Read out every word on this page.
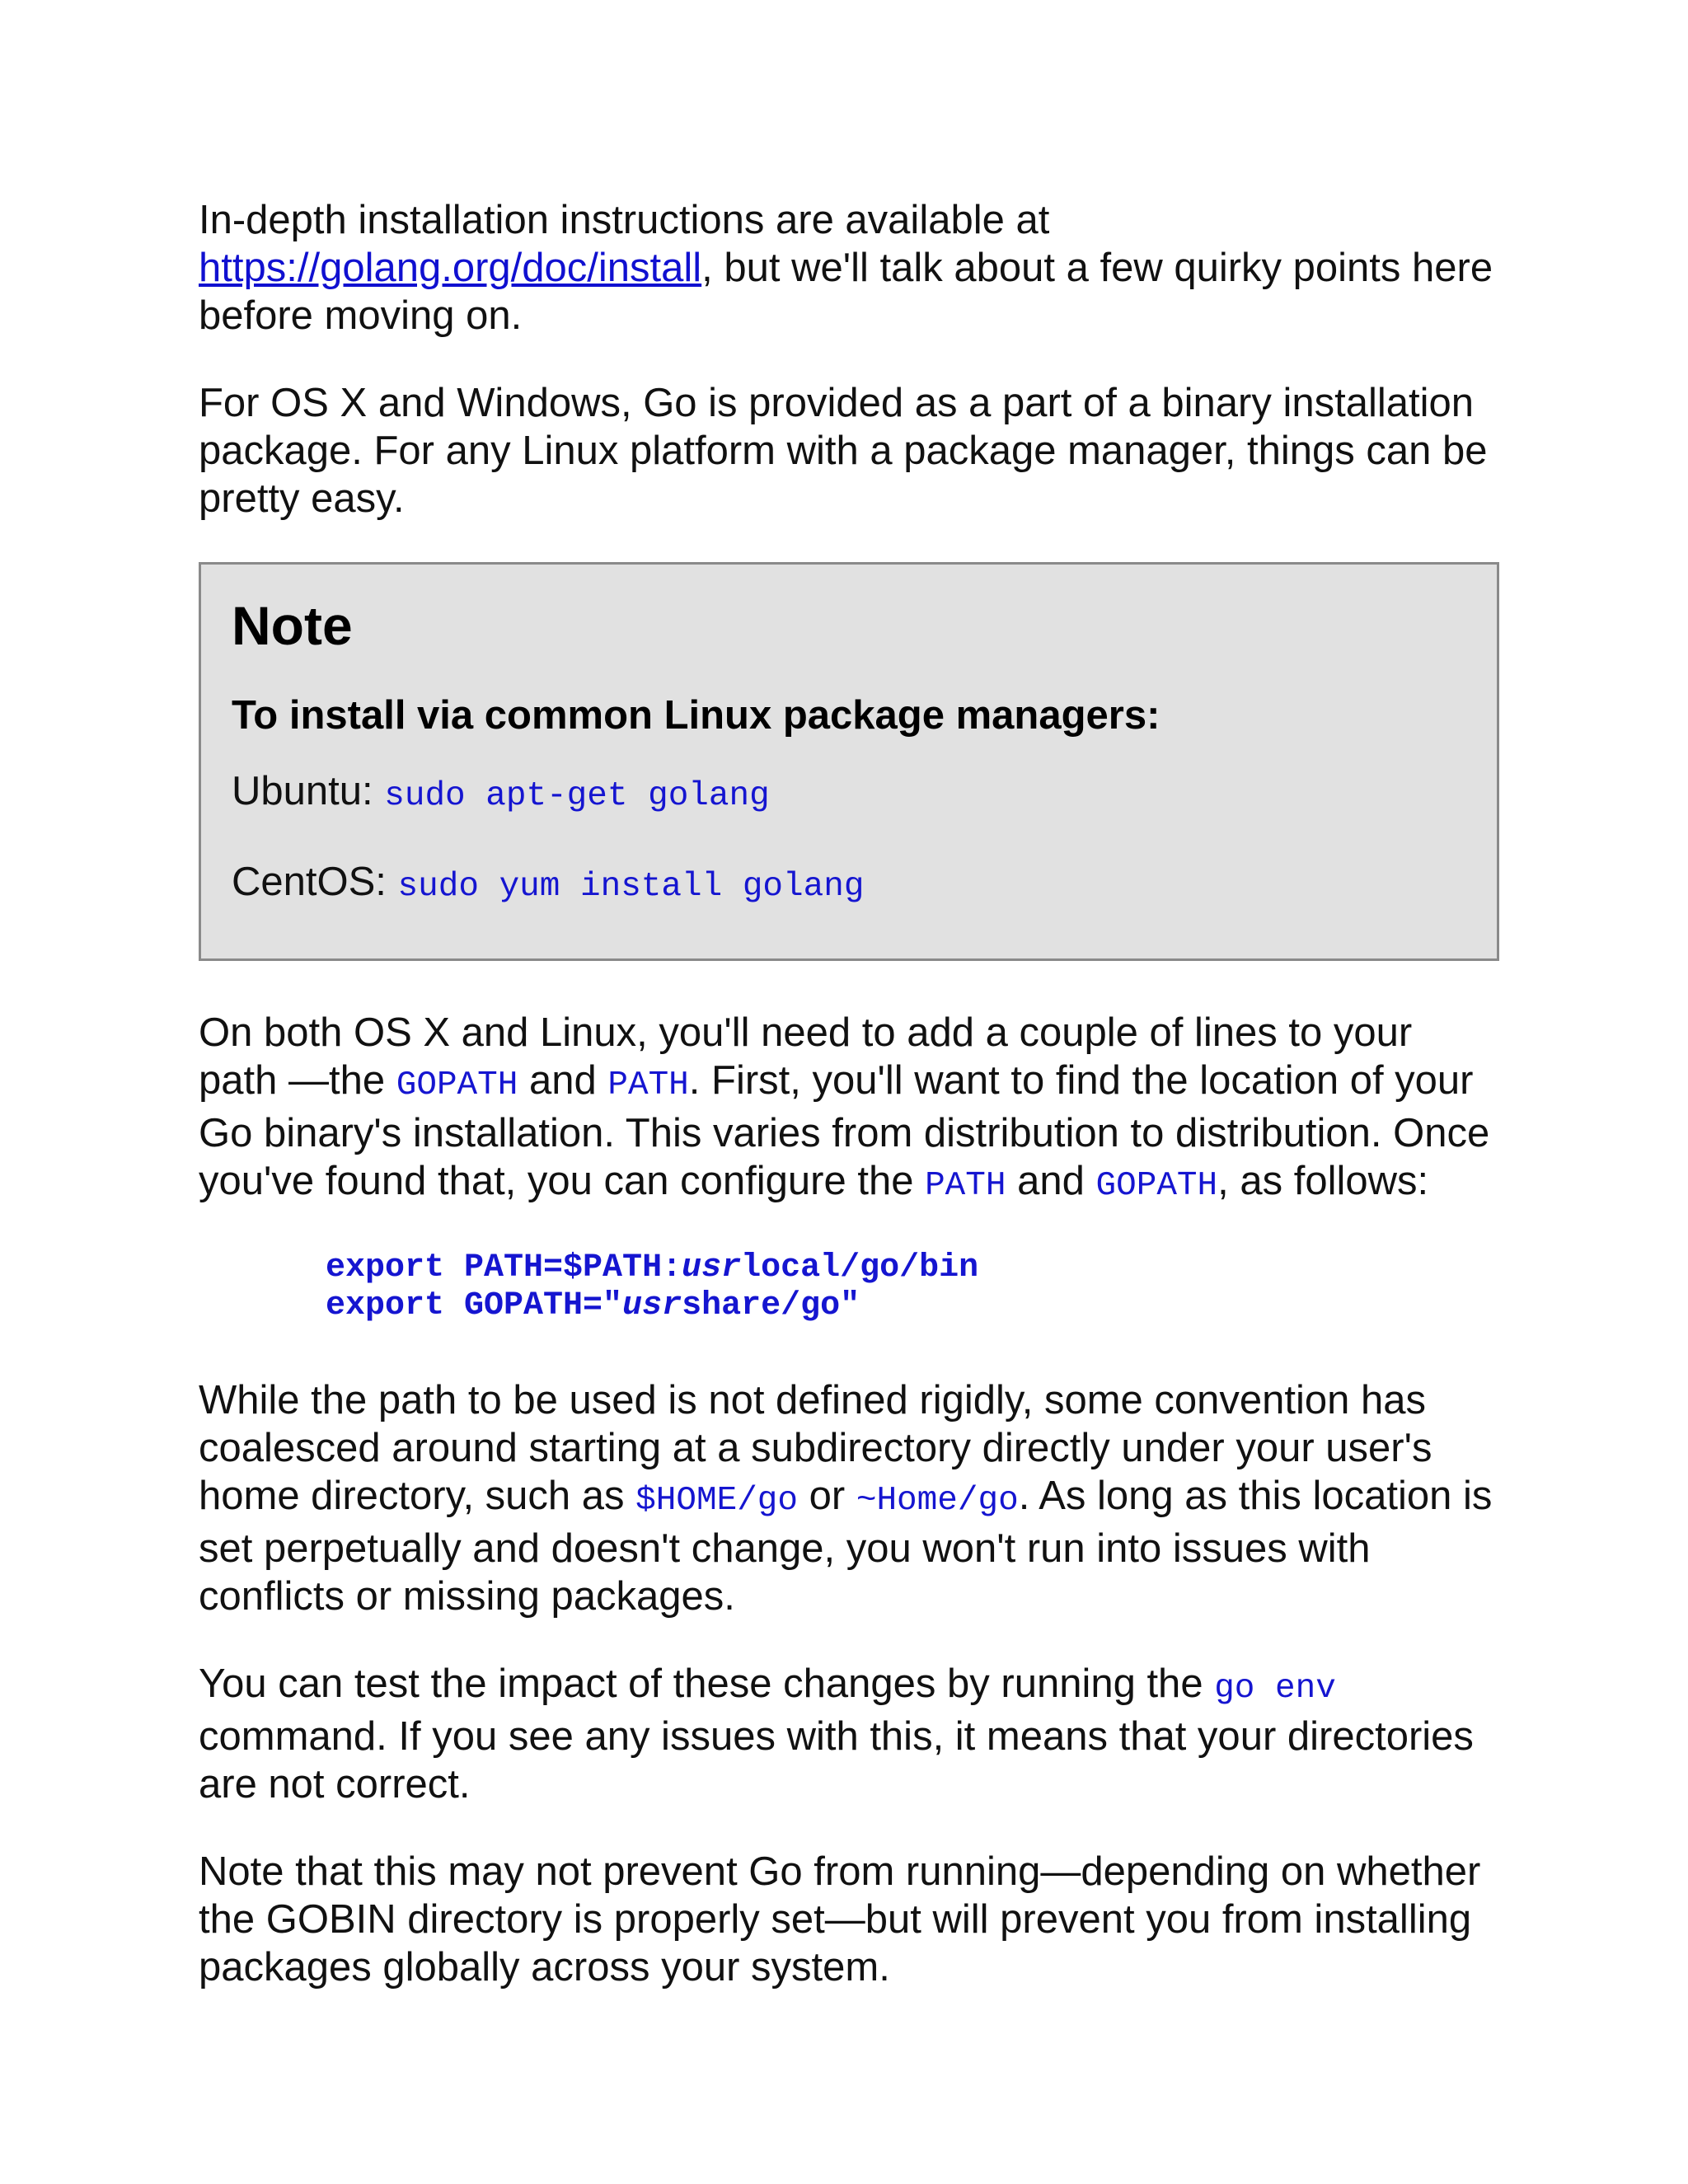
In-depth installation instructions are available at
https://golang.org/doc/install, but we'll talk about a few quirky points here before moving on.

For OS X and Windows, Go is provided as a part of a binary installation package. For any Linux platform with a package manager, things can be pretty easy.

Note
To install via common Linux package managers:

Ubuntu: sudo apt-get golang

CentOS: sudo yum install golang

On both OS X and Linux, you'll need to add a couple of lines to your path —the GOPATH and PATH. First, you'll want to find the location of your Go binary's installation. This varies from distribution to distribution. Once you've found that, you can configure the PATH and GOPATH, as follows:

export PATH=$PATH:usrlocal/go/bin
export GOPATH="usrshare/go"

While the path to be used is not defined rigidly, some convention has coalesced around starting at a subdirectory directly under your user's home directory, such as $HOME/go or ~Home/go. As long as this location is set perpetually and doesn't change, you won't run into issues with conflicts or missing packages.

You can test the impact of these changes by running the go env command. If you see any issues with this, it means that your directories are not correct.

Note that this may not prevent Go from running—depending on whether the GOBIN directory is properly set—but will prevent you from installing packages globally across your system.
